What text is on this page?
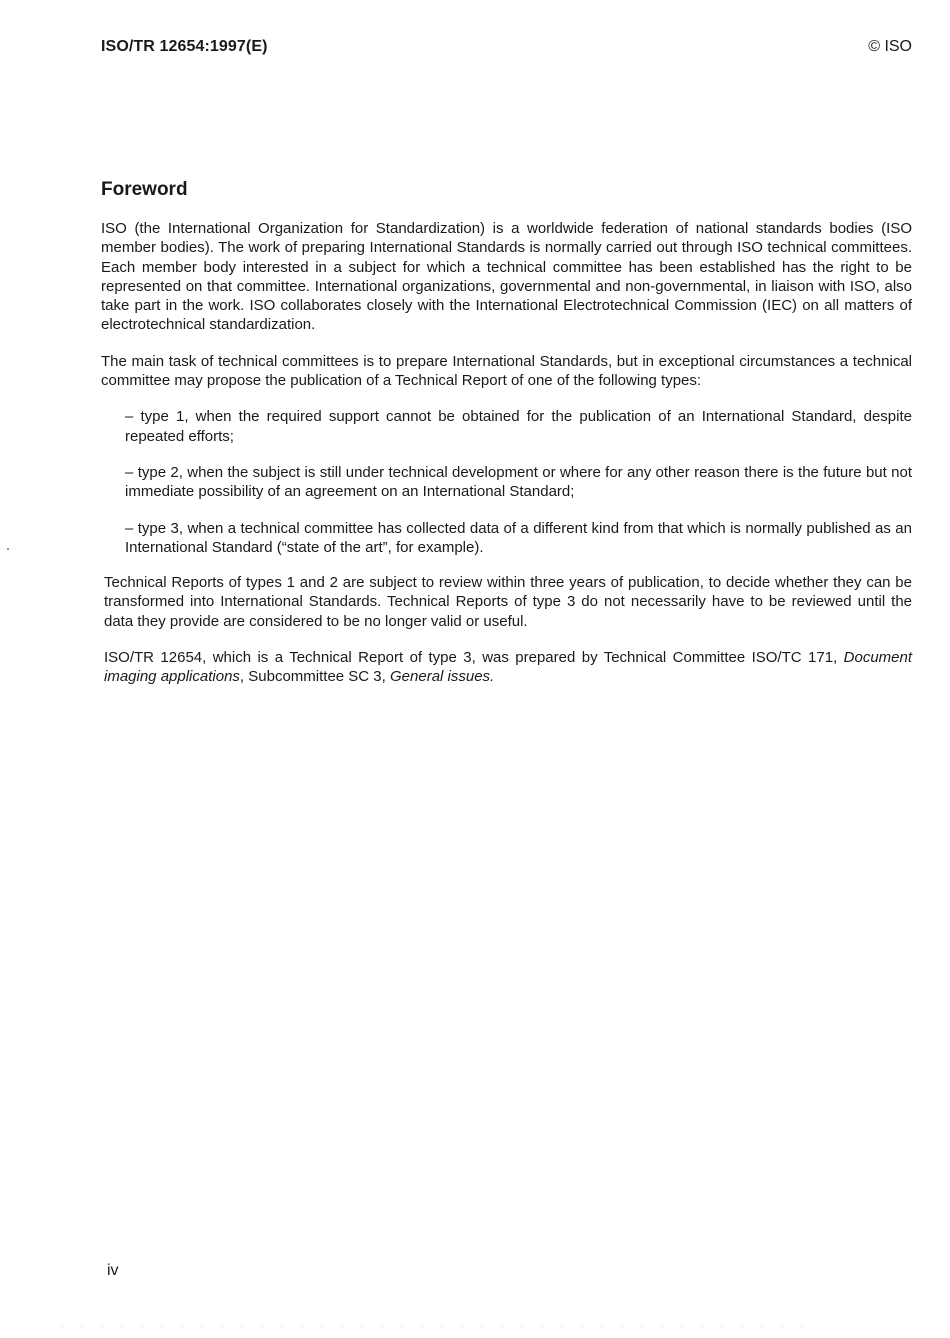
ISO/TR 12654:1997(E)	© ISO
Foreword

ISO (the International Organization for Standardization) is a worldwide federation of national standards bodies (ISO member bodies). The work of preparing International Standards is normally carried out through ISO technical committees. Each member body interested in a subject for which a technical committee has been established has the right to be represented on that committee. International organizations, governmental and non-governmental, in liaison with ISO, also take part in the work. ISO collaborates closely with the International Electrotechnical Commission (IEC) on all matters of electrotechnical standardization.

The main task of technical committees is to prepare International Standards, but in exceptional circumstances a technical committee may propose the publication of a Technical Report of one of the following types:

– type 1, when the required support cannot be obtained for the publication of an International Standard, despite repeated efforts;

– type 2, when the subject is still under technical development or where for any other reason there is the future but not immediate possibility of an agreement on an International Standard;

– type 3, when a technical committee has collected data of a different kind from that which is normally published as an International Standard (“state of the art”, for example).

Technical Reports of types 1 and 2 are subject to review within three years of publication, to decide whether they can be transformed into International Standards. Technical Reports of type 3 do not necessarily have to be reviewed until the data they provide are considered to be no longer valid or useful.

ISO/TR 12654, which is a Technical Report of type 3, was prepared by Technical Committee ISO/TC 171, Document imaging applications, Subcommittee SC 3, General issues.

iv
